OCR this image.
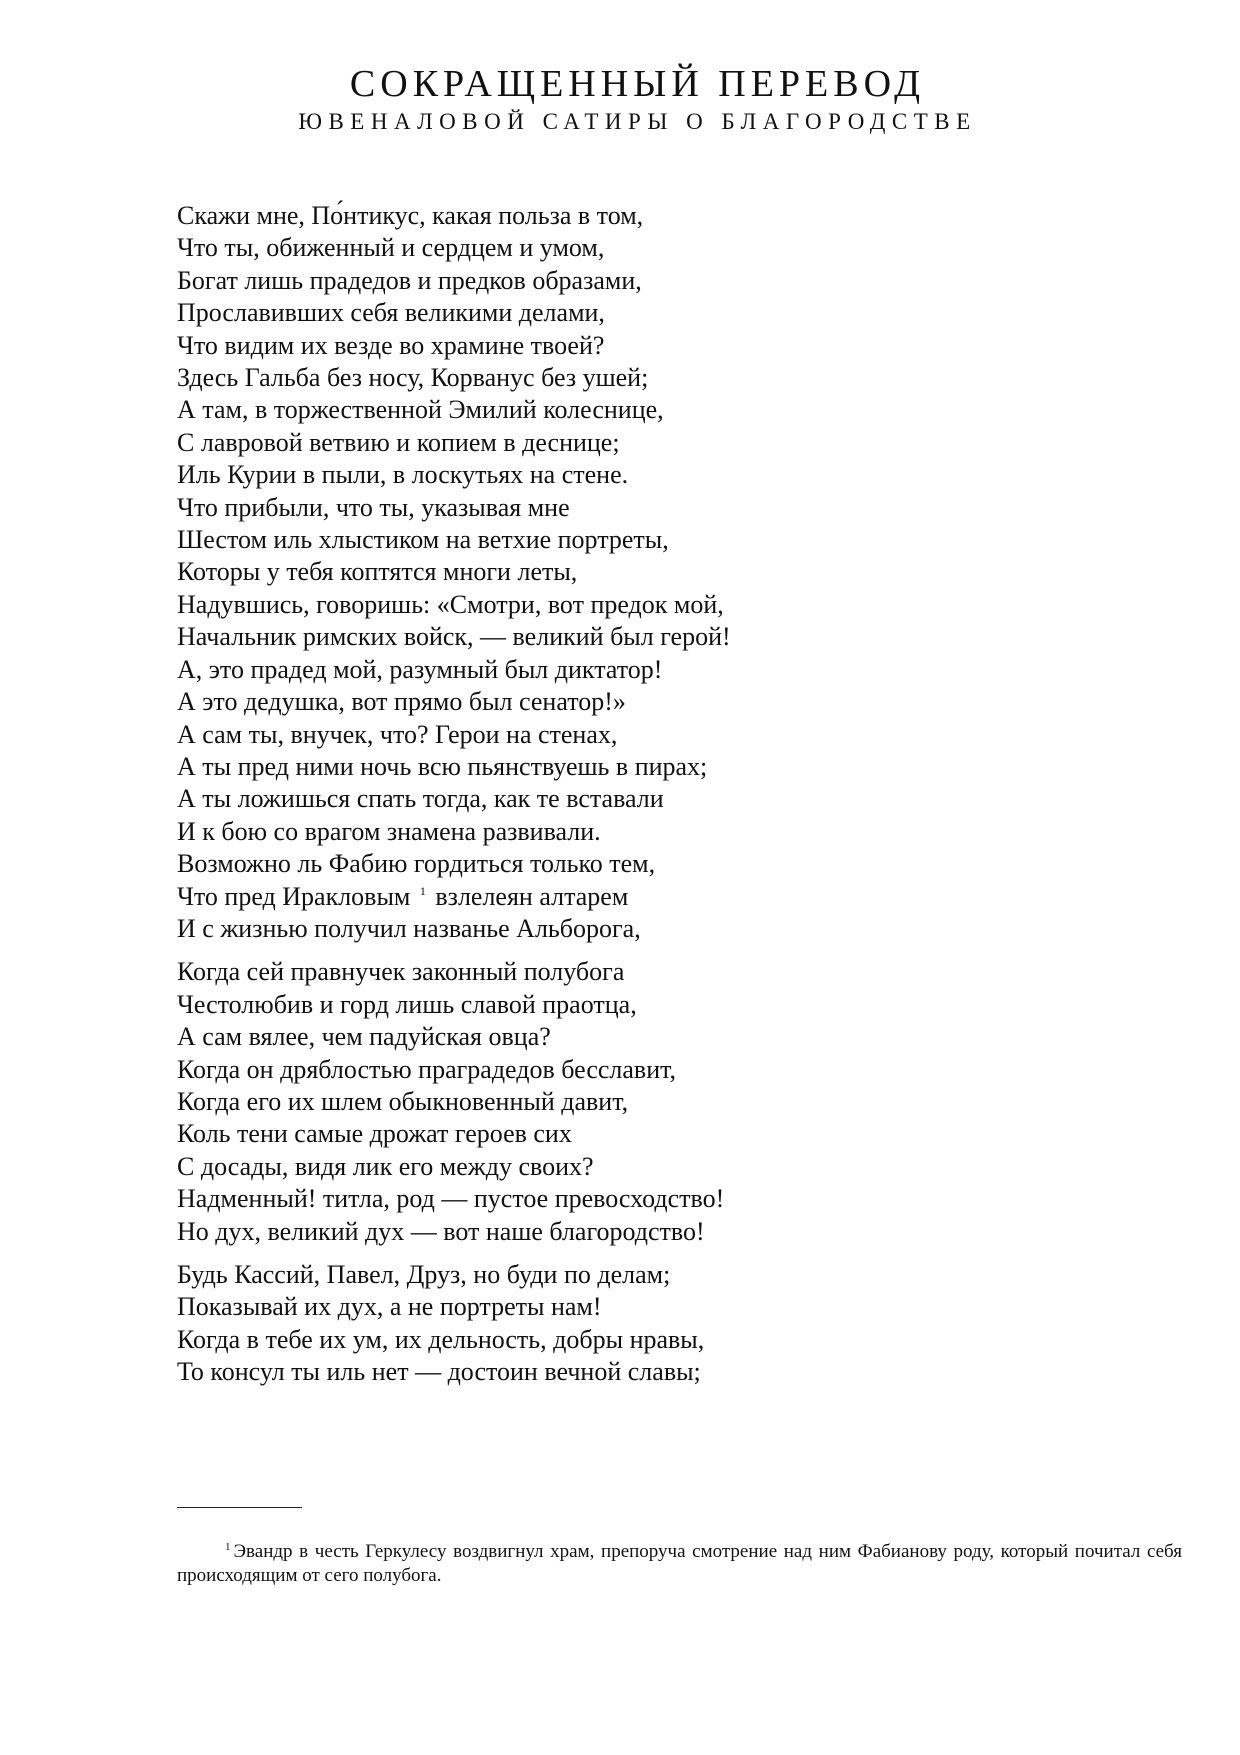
СОКРАЩЕННЫЙ ПЕРЕВОД
ЮВЕНАЛОВОЙ САТИРЫ О БЛАГОРОДСТВЕ

Скажи мне, По́нтикус, какая польза в том,
Что ты, обиженный и сердцем и умом,
Богат лишь прадедов и предков образами,
Прославивших себя великими делами,
Что видим их везде во храмине твоей?
Здесь Гальба без носу, Корванус без ушей;
А там, в торжественной Эмилий колеснице,
С лавровой ветвию и копием в деснице;
Иль Курии в пыли, в лоскутьях на стене.
Что прибыли, что ты, указывая мне
Шестом иль хлыстиком на ветхие портреты,
Которы у тебя коптятся многи леты,
Надувшись, говоришь: «Смотри, вот предок мой,
Начальник римских войск, — великий был герой!
А, это прадед мой, разумный был диктатор!
А это дедушка, вот прямо был сенатор!»
А сам ты, внучек, что? Герои на стенах,
А ты пред ними ночь всю пьянствуешь в пирах;
А ты ложишься спать тогда, как те вставали
И к бою со врагом знамена развивали.
Возможно ль Фабию гордиться только тем,
Что пред Иракловым $^1$ взлелеян алтарем
И с жизнью получил названье Альборога,

Когда сей правнучек законный полубога
Честолюбив и горд лишь славой праотца,
А сам вялее, чем падуйская овца?
Когда он дряблостью праградедов бесславит,
Когда его их шлем обыкновенный давит,
Коль тени самые дрожат героев сих
С досады, видя лик его между своих?
Надменный! титла, род — пустое превосходство!
Но дух, великий дух — вот наше благородство!

Будь Кассий, Павел, Друз, но буди по делам;
Показывай их дух, а не портреты нам!
Когда в тебе их ум, их дельность, добры нравы,
То консул ты иль нет — достоин вечной славы;

$^1$ Эвандр в честь Геркулесу воздвигнул храм, препоруча смотрение над ним Фабианову роду, который почитал себя происходящим от сего полубога.
